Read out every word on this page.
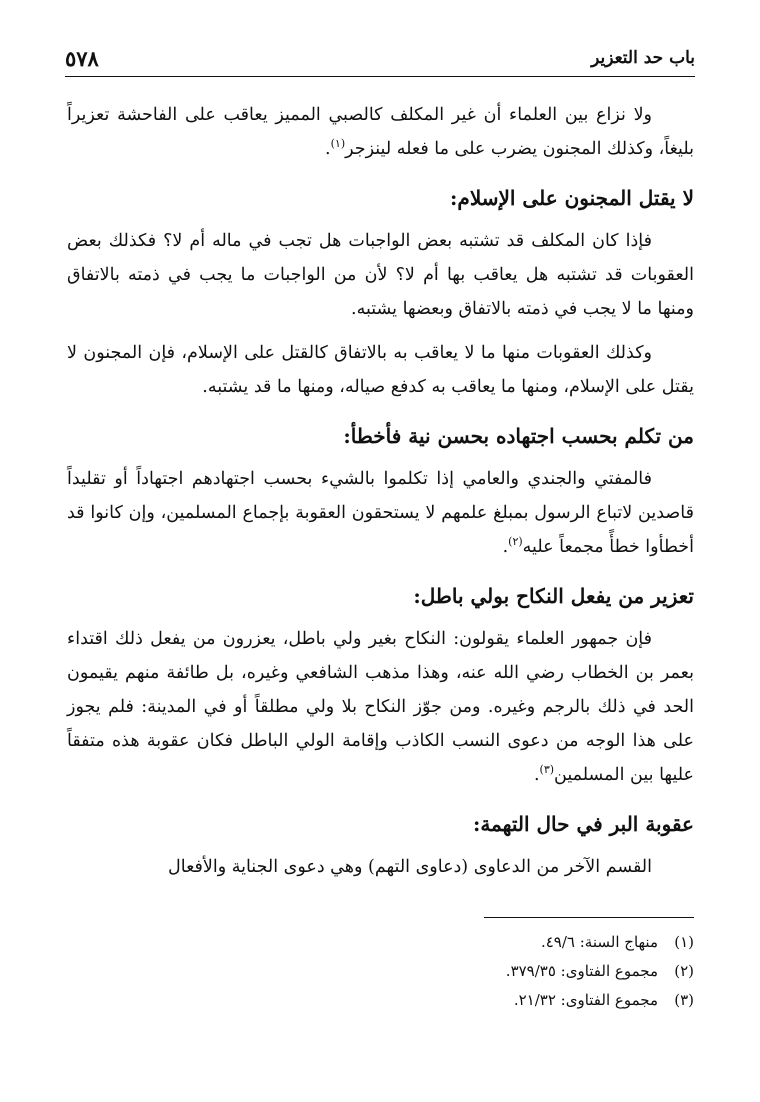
باب حد التعزير
٥٧٨

ولا نزاع بين العلماء أن غير المكلف كالصبي المميز يعاقب على الفاحشة تعزيراً بليغاً، وكذلك المجنون يضرب على ما فعله لينزجر$^{(١)}$.

لا يقتل المجنون على الإسلام:

فإذا كان المكلف قد تشتبه بعض الواجبات هل تجب في ماله أم لا؟ فكذلك بعض العقوبات قد تشتبه هل يعاقب بها أم لا؟ لأن من الواجبات ما يجب في ذمته بالاتفاق ومنها ما لا يجب في ذمته بالاتفاق وبعضها يشتبه.

وكذلك العقوبات منها ما لا يعاقب به بالاتفاق كالقتل على الإسلام، فإن المجنون لا يقتل على الإسلام، ومنها ما يعاقب به كدفع صياله، ومنها ما قد يشتبه.

من تكلم بحسب اجتهاده بحسن نية فأخطأ:

فالمفتي والجندي والعامي إذا تكلموا بالشيء بحسب اجتهادهم اجتهاداً أو تقليداً قاصدين لاتباع الرسول بمبلغ علمهم لا يستحقون العقوبة بإجماع المسلمين، وإن كانوا قد أخطأوا خطأً مجمعاً عليه$^{(٢)}$.

تعزير من يفعل النكاح بولي باطل:

فإن جمهور العلماء يقولون: النكاح بغير ولي باطل، يعزرون من يفعل ذلك اقتداء بعمر بن الخطاب رضي الله عنه، وهذا مذهب الشافعي وغيره، بل طائفة منهم يقيمون الحد في ذلك بالرجم وغيره. ومن جوّز النكاح بلا ولي مطلقاً أو في المدينة: فلم يجوز على هذا الوجه من دعوى النسب الكاذب وإقامة الولي الباطل فكان عقوبة هذه متفقاً عليها بين المسلمين$^{(٣)}$.

عقوبة البر في حال التهمة:

القسم الآخر من الدعاوى (دعاوى التهم) وهي دعوى الجناية والأفعال

(١)
منهاج السنة: ٤٩/٦.
(٢)
مجموع الفتاوى: ٣٧٩/٣٥.
(٣)
مجموع الفتاوى: ٢١/٣٢.
